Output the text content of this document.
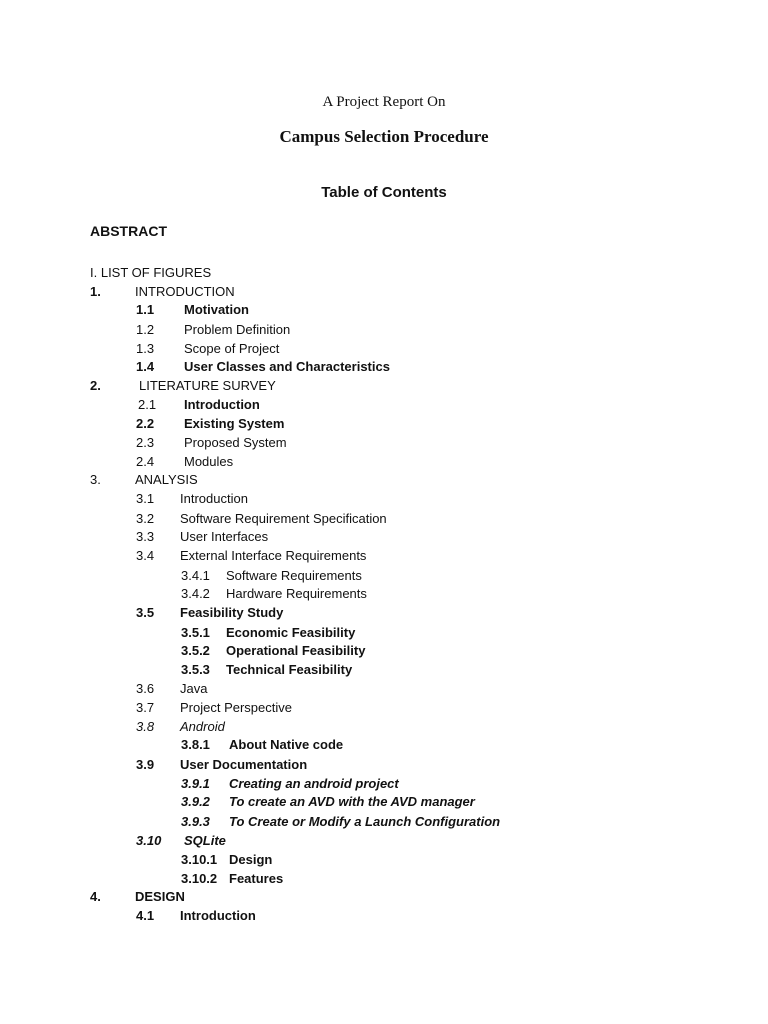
A Project Report On
Campus Selection Procedure
Table of Contents
ABSTRACT
I. LIST OF FIGURES
1.	INTRODUCTION
1.1 Motivation
1.2 Problem Definition
1.3 Scope of Project
1.4 User Classes and Characteristics
2.	LITERATURE SURVEY
2.1 Introduction
2.2 Existing System
2.3 Proposed System
2.4 Modules
3.	ANALYSIS
3.1 Introduction
3.2 Software Requirement Specification
3.3 User Interfaces
3.4 External Interface Requirements
3.4.1 Software Requirements
3.4.2 Hardware Requirements
3.5 Feasibility Study
3.5.1 Economic Feasibility
3.5.2 Operational Feasibility
3.5.3 Technical Feasibility
3.6 Java
3.7 Project Perspective
3.8 Android
3.8.1 About Native code
3.9 User Documentation
3.9.1 Creating an android project
3.9.2 To create an AVD with the AVD manager
3.9.3 To Create or Modify a Launch Configuration
3.10 SQLite
3.10.1 Design
3.10.2 Features
4.	DESIGN
4.1 Introduction
